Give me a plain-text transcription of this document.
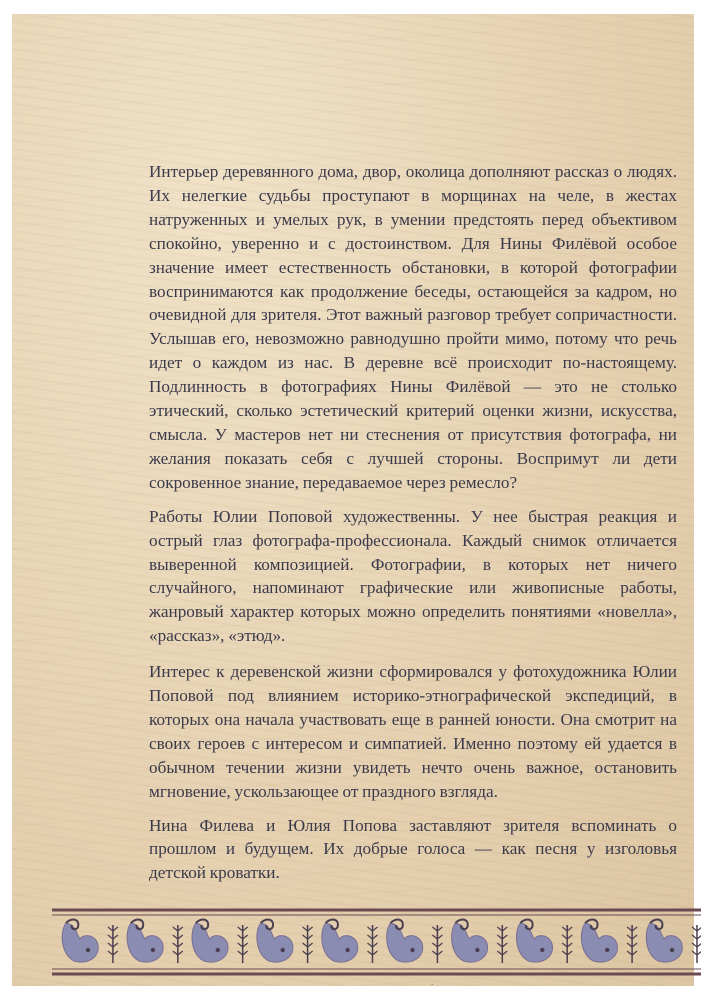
Интерьер деревянного дома, двор, околица дополняют рассказ о людях. Их нелегкие судьбы проступают в морщинах на челе, в жестах натруженных и умелых рук, в умении предстоять перед объективом спокойно, уверенно и с достоинством. Для Нины Филёвой особое значение имеет естественность обстановки, в которой фотографии воспринимаются как продолжение беседы, остающейся за кадром, но очевидной для зрителя. Этот важный разговор требует сопричастности. Услышав его, невозможно равнодушно пройти мимо, потому что речь идет о каждом из нас. В деревне всё происходит по-настоящему. Подлинность в фотографиях Нины Филёвой — это не столько этический, сколько эстетический критерий оценки жизни, искусства, смысла. У мастеров нет ни стеснения от присутствия фотографа, ни желания показать себя с лучшей стороны. Воспримут ли дети сокровенное знание, передаваемое через ремесло?

Работы Юлии Поповой художественны. У нее быстрая реакция и острый глаз фотографа-профессионала. Каждый снимок отличается выверенной композицией. Фотографии, в которых нет ничего случайного, напоминают графические или живописные работы, жанровый характер которых можно определить понятиями «новелла», «рассказ», «этюд».

Интерес к деревенской жизни сформировался у фотохудожника Юлии Поповой под влиянием историко-этнографической экспедиций, в которых она начала участвовать еще в ранней юности. Она смотрит на своих героев с интересом и симпатией. Именно поэтому ей удается в обычном течении жизни увидеть нечто очень важное, остановить мгновение, ускользающее от праздного взгляда.

Нина Филева и Юлия Попова заставляют зрителя вспоминать о прошлом и будущем. Их добрые голоса — как песня у изголовья детской кроватки.

.
